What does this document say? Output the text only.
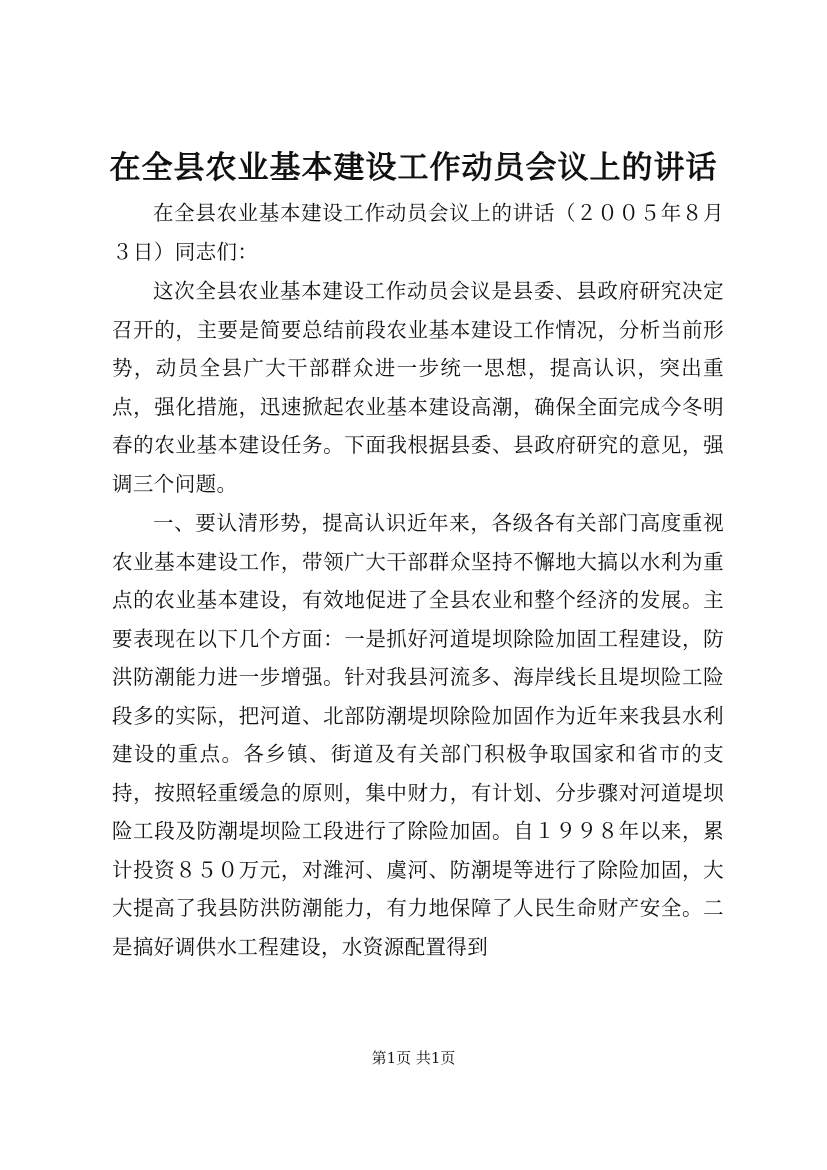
在全县农业基本建设工作动员会议上的讲话

在全县农业基本建设工作动员会议上的讲话（２００５年８月３日）同志们：

这次全县农业基本建设工作动员会议是县委、县政府研究决定召开的，主要是简要总结前段农业基本建设工作情况，分析当前形势，动员全县广大干部群众进一步统一思想，提高认识，突出重点，强化措施，迅速掀起农业基本建设高潮，确保全面完成今冬明春的农业基本建设任务。下面我根据县委、县政府研究的意见，强调三个问题。

一、要认清形势，提高认识近年来，各级各有关部门高度重视农业基本建设工作，带领广大干部群众坚持不懈地大搞以水利为重点的农业基本建设，有效地促进了全县农业和整个经济的发展。主要表现在以下几个方面：一是抓好河道堤坝除险加固工程建设，防洪防潮能力进一步增强。针对我县河流多、海岸线长且堤坝险工险段多的实际，把河道、北部防潮堤坝除险加固作为近年来我县水利建设的重点。各乡镇、街道及有关部门积极争取国家和省市的支持，按照轻重缓急的原则，集中财力，有计划、分步骤对河道堤坝险工段及防潮堤坝险工段进行了除险加固。自１９９８年以来，累计投资８５０万元，对潍河、虞河、防潮堤等进行了除险加固，大大提高了我县防洪防潮能力，有力地保障了人民生命财产安全。二是搞好调供水工程建设，水资源配置得到

第1页 共1页
